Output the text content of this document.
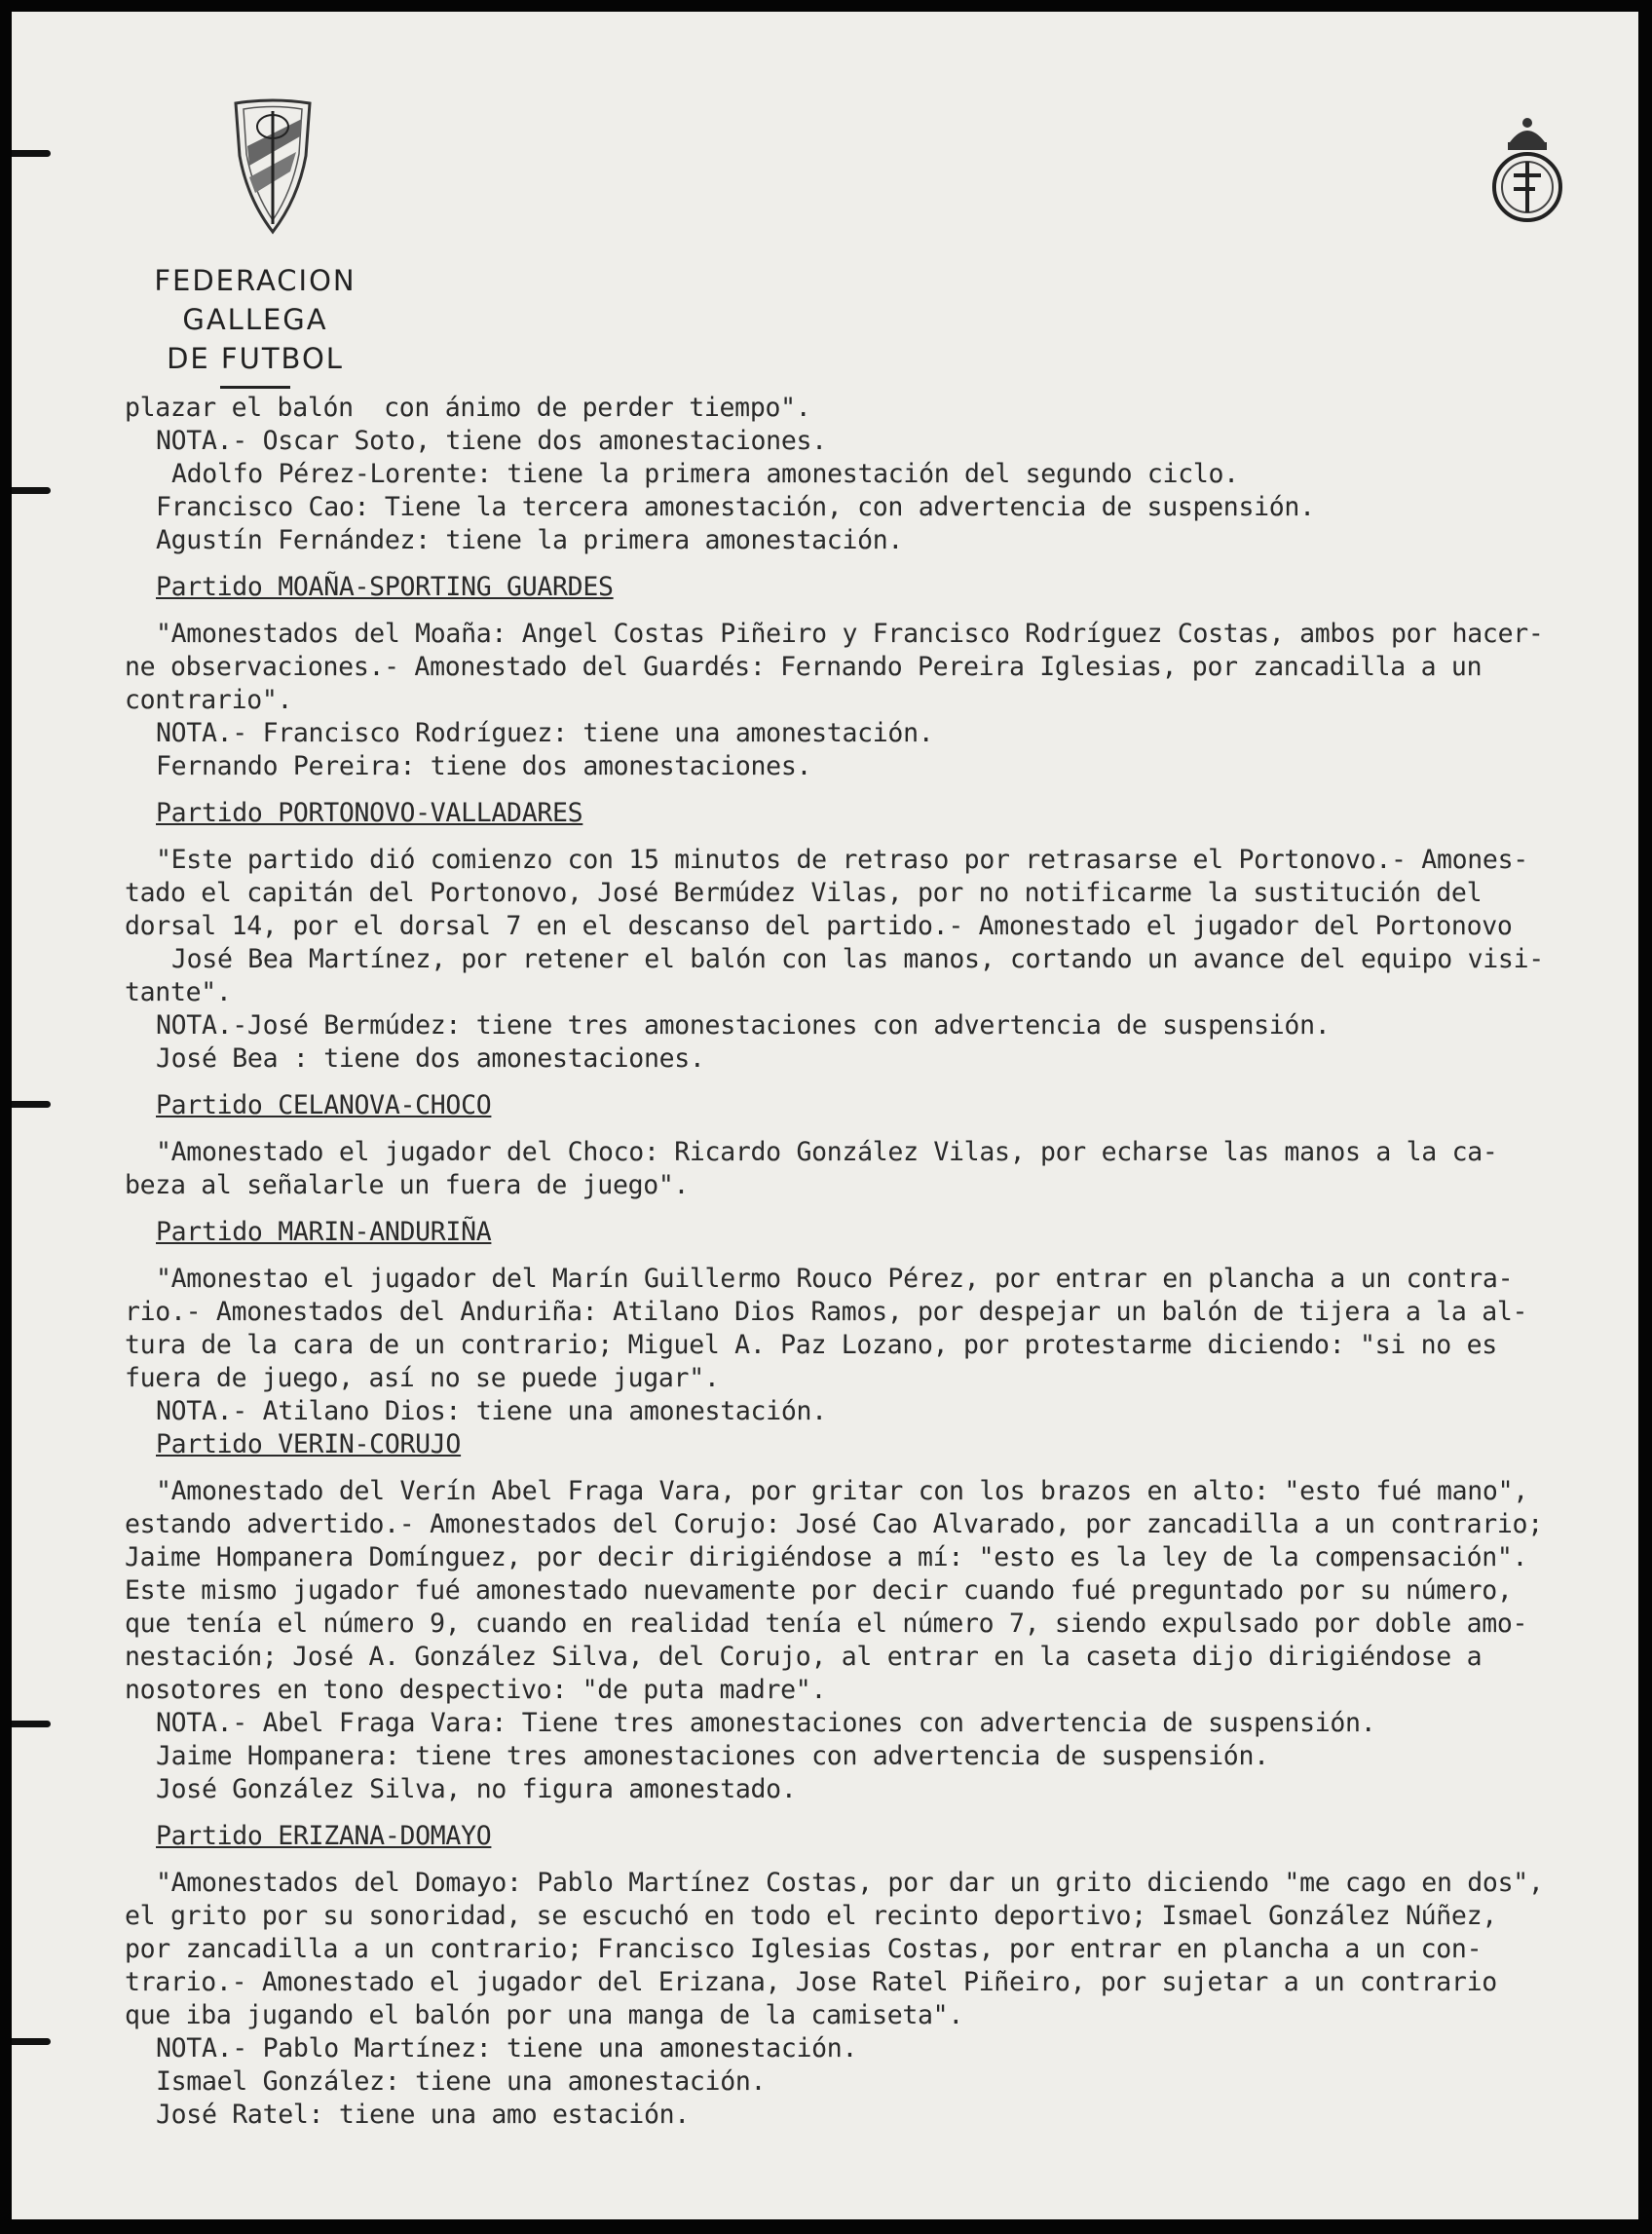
FEDERACION GALLEGA
DE FUTBOL
plazar el balón  con ánimo de perder tiempo".
NOTA.- Oscar Soto, tiene dos amonestaciones.
Adolfo Pérez-Lorente: tiene la primera amonestación del segundo ciclo.
Francisco Cao: Tiene la tercera amonestación, con advertencia de suspensión.
Agustín Fernández: tiene la primera amonestación.
Partido MOAÑA-SPORTING GUARDES
"Amonestados del Moaña: Angel Costas Piñeiro y Francisco Rodríguez Costas, ambos por hacer-
ne observaciones.- Amonestado del Guardés: Fernando Pereira Iglesias, por zancadilla a un
contrario".
NOTA.- Francisco Rodríguez: tiene una amonestación.
Fernando Pereira: tiene dos amonestaciones.
Partido PORTONOVO-VALLADARES
"Este partido dió comienzo con 15 minutos de retraso por retrasarse el Portonovo.- Amones-
tado el capitán del Portonovo, José Bermúdez Vilas, por no notificarme la sustitución del
dorsal 14, por el dorsal 7 en el descanso del partido.- Amonestado el jugador del Portonovo
José Bea Martínez, por retener el balón con las manos, cortando un avance del equipo visi-
tante".
NOTA.-José Bermúdez: tiene tres amonestaciones con advertencia de suspensión.
José Bea : tiene dos amonestaciones.
Partido CELANOVA-CHOCO
"Amonestado el jugador del Choco: Ricardo González Vilas, por echarse las manos a la ca-
beza al señalarle un fuera de juego".
Partido MARIN-ANDURIÑA
"Amonestao el jugador del Marín Guillermo Rouco Pérez, por entrar en plancha a un contra-
rio.- Amonestados del Anduriña: Atilano Dios Ramos, por despejar un balón de tijera a la al-
tura de la cara de un contrario; Miguel A. Paz Lozano, por protestarme diciendo: "si no es
fuera de juego, así no se puede jugar".
NOTA.- Atilano Dios: tiene una amonestación.
Partido VERIN-CORUJO
"Amonestado del Verín Abel Fraga Vara, por gritar con los brazos en alto: "esto fué mano",
estando advertido.- Amonestados del Corujo: José Cao Alvarado, por zancadilla a un contrario;
Jaime Hompanera Domínguez, por decir dirigiéndose a mí: "esto es la ley de la compensación".
Este mismo jugador fué amonestado nuevamente por decir cuando fué preguntado por su número,
que tenía el número 9, cuando en realidad tenía el número 7, siendo expulsado por doble amo-
nestación; José A. González Silva, del Corujo, al entrar en la caseta dijo dirigiéndose a
nosotores en tono despectivo: "de puta madre".
NOTA.- Abel Fraga Vara: Tiene tres amonestaciones con advertencia de suspensión.
Jaime Hompanera: tiene tres amonestaciones con advertencia de suspensión.
José González Silva, no figura amonestado.
Partido ERIZANA-DOMAYO
"Amonestados del Domayo: Pablo Martínez Costas, por dar un grito diciendo "me cago en dos",
el grito por su sonoridad, se escuchó en todo el recinto deportivo; Ismael González Núñez,
por zancadilla a un contrario; Francisco Iglesias Costas, por entrar en plancha a un con-
trario.- Amonestado el jugador del Erizana, Jose Ratel Piñeiro, por sujetar a un contrario
que iba jugando el balón por una manga de la camiseta".
NOTA.- Pablo Martínez: tiene una amonestación.
Ismael González: tiene una amonestación.
José Ratel: tiene una amo estación.
